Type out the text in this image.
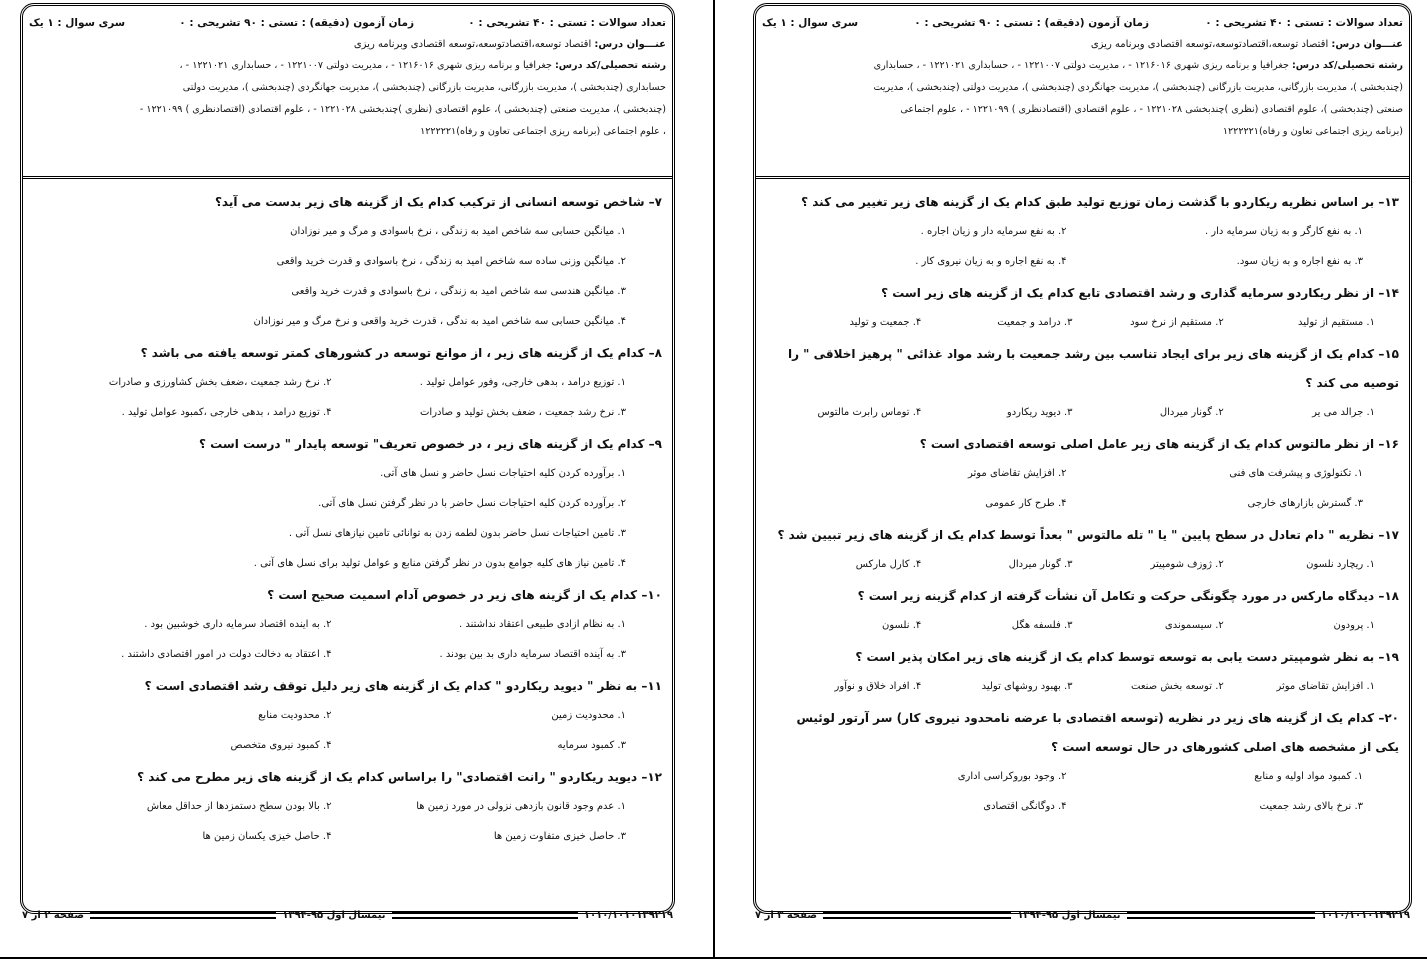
تعداد سوالات : تستی : ۴۰ تشریحی : ۰
زمان آزمون (دقیقه) : تستی : ۹۰ تشریحی : ۰
سری سوال : ۱ یک
عنـــوان درس: اقتصاد توسعه،اقتصادتوسعه،توسعه اقتصادی وبرنامه ریزی
رشته تحصیلی/کد درس: جغرافیا و برنامه ریزی شهری ۱۲۱۶۰۱۶ - ، مدیریت دولتی ۱۲۲۱۰۰۷ - ، حسابداری ۱۲۲۱۰۲۱ - ، حسابداری (چندبخشی )، مدیریت بازرگانی، مدیریت بازرگانی (چندبخشی )، مدیریت جهانگردی (چندبخشی )، مدیریت دولتی (چندبخشی )، مدیریت صنعتی (چندبخشی )، علوم اقتصادی (نظری )چندبخشی ۱۲۲۱۰۲۸ - ، علوم اقتصادی (اقتصادنظری ) ۱۲۲۱۰۹۹ - ، علوم اجتماعی (برنامه ریزی اجتماعی تعاون و رفاه)۱۲۲۲۲۲۱
۷– شاخص توسعه انسانی از ترکیب کدام یک از گزینه های زیر بدست می آید؟
۱. میانگین حسابی سه شاخص امید به زندگی ، نرخ باسوادی و مرگ و میر نوزادان
۲. میانگین وزنی ساده سه شاخص امید به زندگی ، نرخ باسوادی و قدرت خرید واقعی
۳. میانگین هندسی سه شاخص امید به زندگی ، نرخ باسوادی و قدرت خرید واقعی
۴. میانگین حسابی سه شاخص امید به ندگی ، قدرت خرید واقعی و نرخ مرگ و میر نوزادان
۸– کدام یک از گزینه های زیر ، از موانع توسعه در کشورهای کمتر توسعه یافته می باشد ؟
۱. توزیع درامد ، بدهی خارجی، وفور عوامل تولید .
۲. نرخ رشد جمعیت ،ضعف بخش کشاورزی و صادرات
۳. نرخ رشد جمعیت ، ضعف بخش تولید و صادرات
۴. توزیع درامد ، بدهی خارجی ،کمبود عوامل تولید .
۹– کدام یک از گزینه های زیر ، در خصوص تعریف" توسعه پایدار " درست است ؟
۱. برآورده کردن کلیه احتیاجات نسل حاضر و نسل های آتی.
۲. برآورده کردن کلیه احتیاجات نسل حاضر با در نظر گرفتن نسل های آتی.
۳. تامین احتیاجات نسل حاضر بدون لطمه زدن به توانائی تامین نیازهای نسل آتی .
۴. تامین نیاز های کلیه جوامع بدون در نظر گرفتن منابع و عوامل تولید برای نسل های آتی .
۱۰– کدام یک از گزینه های زیر در خصوص آدام اسمیت صحیح است ؟
۱. به نظام ازادی طبیعی اعتقاد نداشتند .
۲. به اینده اقتصاد سرمایه داری خوشبین بود .
۳. به آینده اقتصاد سرمایه داری بد بین بودند .
۴. اعتقاد به دخالت دولت در امور اقتصادی داشتند .
۱۱– به نظر " دیوید ریکاردو " کدام یک از گزینه های زیر دلیل توقف رشد اقتصادی است ؟
۱. محدودیت زمین
۲. محدودیت منابع
۳. کمبود سرمایه
۴. کمبود نیروی متخصص
۱۲– دیوید ریکاردو " رانت اقتصادی" را براساس کدام یک از گزینه های زیر مطرح می کند ؟
۱. عدم وجود قانون بازدهی نزولی در مورد زمین ها
۲. بالا بودن سطح دستمزدها از حداقل معاش
۳. حاصل خیزی متفاوت زمین ها
۴. حاصل خیزی یکسان زمین ها
۱۰۱۰/۱۰۱۰۱۳۹۲۱۹
نیمسال اول ۹۵-۱۳۹۴
صفحه ۲ از ۷
تعداد سوالات : تستی : ۴۰ تشریحی : ۰
زمان آزمون (دقیقه) : تستی : ۹۰ تشریحی : ۰
سری سوال : ۱ یک
عنـــوان درس: اقتصاد توسعه،اقتصادتوسعه،توسعه اقتصادی وبرنامه ریزی
رشته تحصیلی/کد درس: جغرافیا و برنامه ریزی شهری ۱۲۱۶۰۱۶ - ، مدیریت دولتی ۱۲۲۱۰۰۷ - ، حسابداری ۱۲۲۱۰۲۱ - ، حسابداری (چندبخشی )، مدیریت بازرگانی، مدیریت بازرگانی (چندبخشی )، مدیریت جهانگردی (چندبخشی )، مدیریت دولتی (چندبخشی )، مدیریت صنعتی (چندبخشی )، علوم اقتصادی (نظری )چندبخشی ۱۲۲۱۰۲۸ - ، علوم اقتصادی (اقتصادنظری ) ۱۲۲۱۰۹۹ - ، علوم اجتماعی (برنامه ریزی اجتماعی تعاون و رفاه)۱۲۲۲۲۲۱
۱۳– بر اساس نظریه ریکاردو با گذشت زمان توزیع تولید طبق کدام یک از گزینه های زیر تغییر می کند ؟
۱. به نفع کارگر و به زیان سرمایه دار .
۲. به نفع سرمایه دار و زیان اجاره .
۳. به نفع اجاره و به زیان سود.
۴. به نفع اجاره و به زیان نیروی کار .
۱۴– از نظر ریکاردو سرمایه گذاری و رشد اقتصادی تابع کدام یک از گزینه های زیر است ؟
۱. مستقیم از تولید
۲. مستقیم از نرخ سود
۳. درامد و جمعیت
۴. جمعیت و تولید
۱۵– کدام یک از گزینه های زیر برای ایجاد تناسب بین رشد جمعیت با رشد مواد غذائی " پرهیز اخلاقی " را توصیه می کند ؟
۱. جرالد می یر
۲. گونار میردال
۳. دیوید ریکاردو
۴. توماس رابرت مالتوس
۱۶– از نظر مالتوس کدام یک از گزینه های زیر عامل اصلی توسعه اقتصادی است ؟
۱. تکنولوژی و پیشرفت های فنی
۲. افزایش تقاضای موثر
۳. گسترش بازارهای خارجی
۴. طرح کار عمومی
۱۷– نظریه " دام تعادل در سطح پایین " یا " تله مالتوس " بعداً توسط کدام یک از گزینه های زیر تبیین شد ؟
۱. ریچارد نلسون
۲. ژوزف شومپیتر
۳. گونار میردال
۴. کارل مارکس
۱۸– دیدگاه مارکس در مورد چگونگی حرکت و تکامل آن نشأت گرفته از کدام گزینه زیر است ؟
۱. پرودون
۲. سیسموندی
۳. فلسفه هگل
۴. نلسون
۱۹– به نظر شومپیتر دست یابی به توسعه توسط کدام یک از گزینه های زیر امکان پذیر است ؟
۱. افزایش تقاضای موثر
۲. توسعه بخش صنعت
۳. بهبود روشهای تولید
۴. افراد خلاق و نوآور
۲۰– کدام یک از گزینه های زیر در نظریه (توسعه اقتصادی با عرضه نامحدود نیروی کار) سر آرتور لوئیس یکی از مشخصه های اصلی کشورهای در حال توسعه است ؟
۱. کمبود مواد اولیه و منابع
۲. وجود بوروکراسی اداری
۳. نرخ بالای رشد جمعیت
۴. دوگانگی اقتصادی
۱۰۱۰/۱۰۱۰۱۳۹۲۱۹
نیمسال اول ۹۵-۱۳۹۴
صفحه ۳ از ۷
